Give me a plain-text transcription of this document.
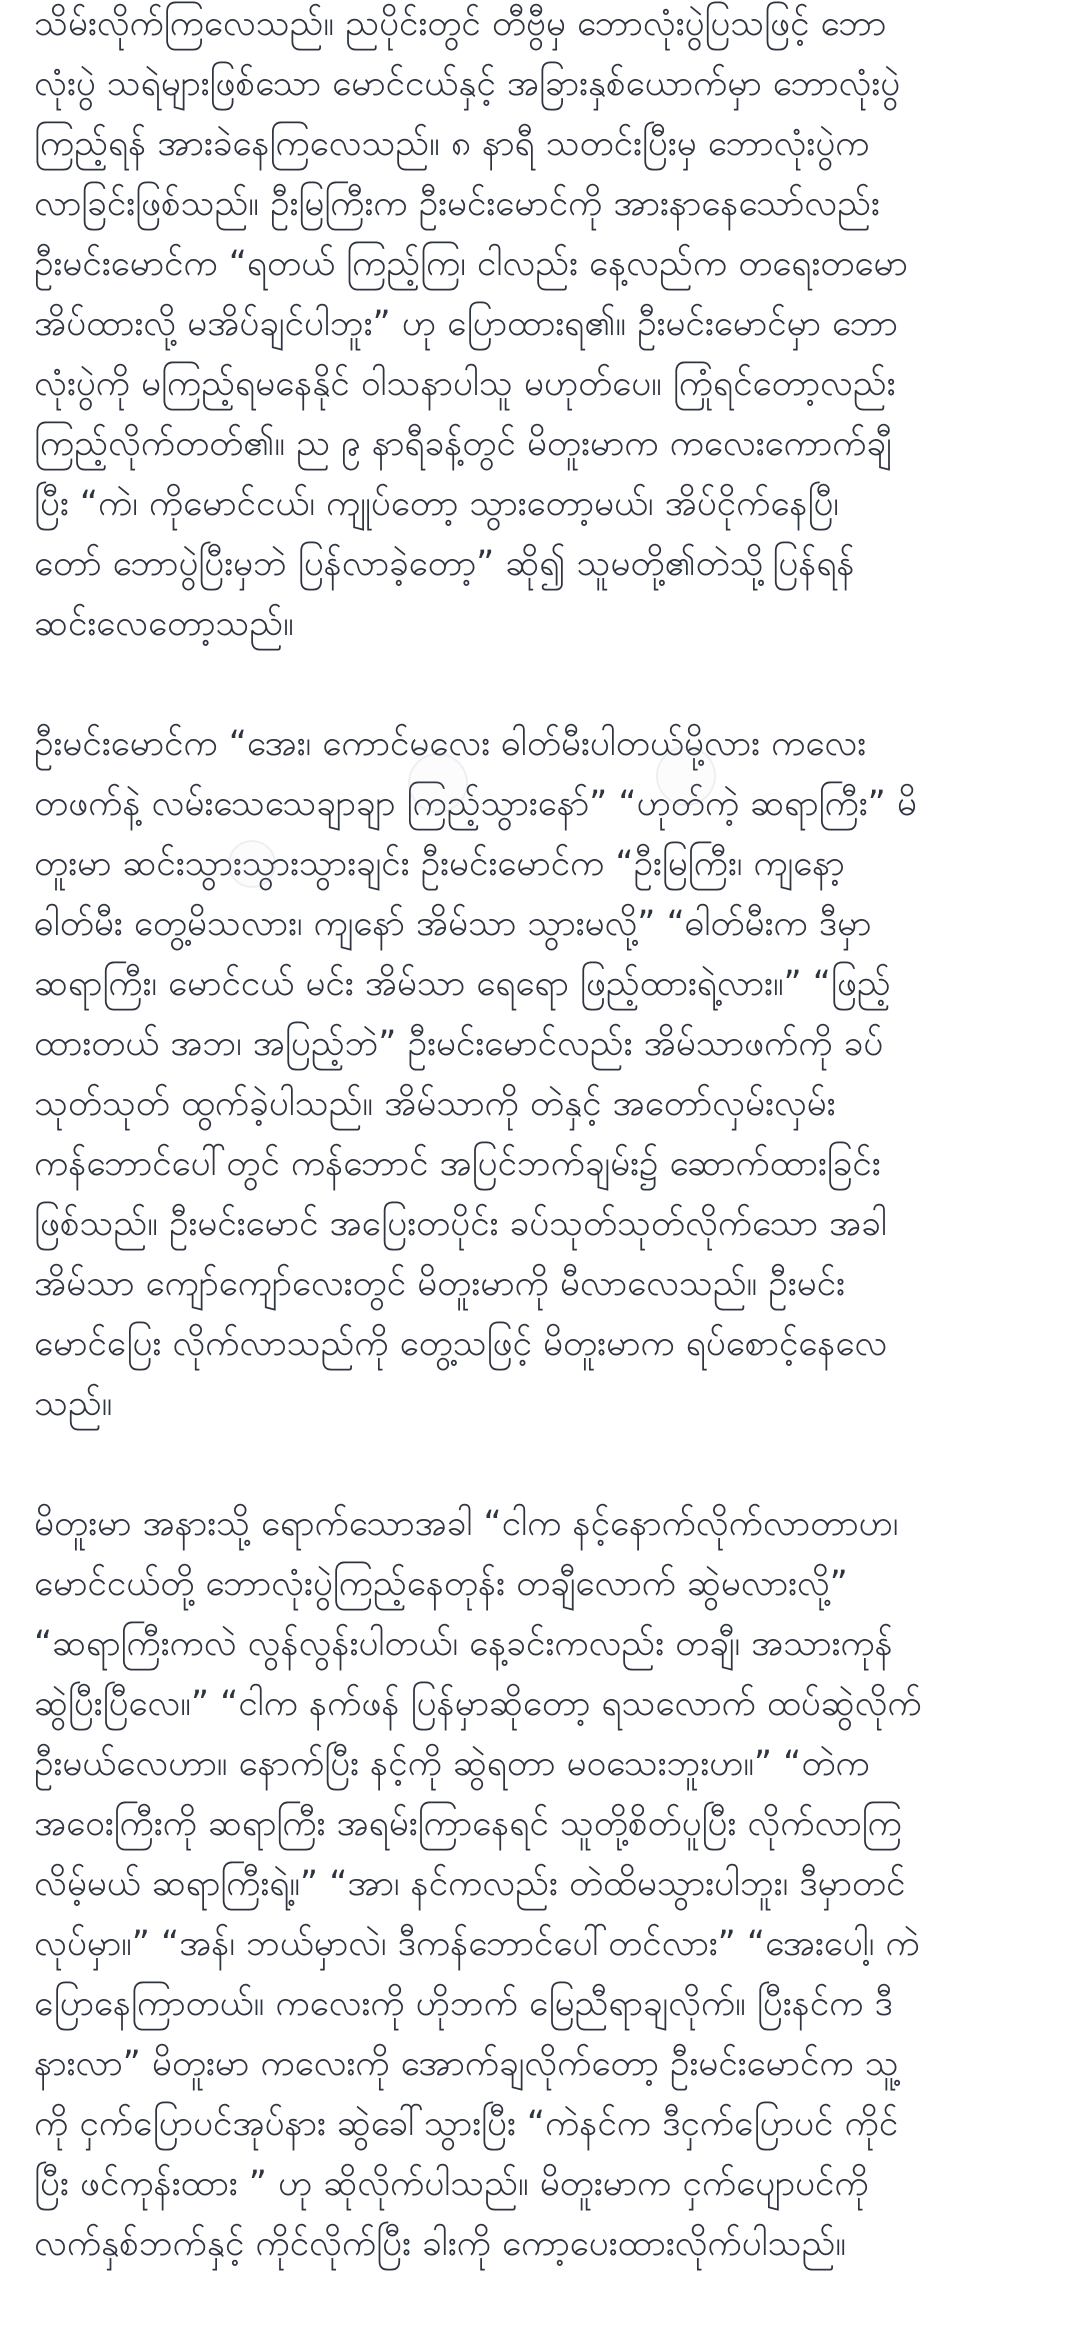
သိမ်းလိုက်ကြလေသည်။ ညပိုင်းတွင် တီဗွီမှ ဘောလုံးပွဲပြသဖြင့် ဘော
လုံးပွဲ သရဲများဖြစ်သော မောင်ငယ်နှင့် အခြားနှစ်ယောက်မှာ ဘောလုံးပွဲ
ကြည့်ရန် အားခဲနေကြလေသည်။ ၈ နာရီ သတင်းပြီးမှ ဘောလုံးပွဲက
လာခြင်းဖြစ်သည်။ ဦးမြကြီးက ဦးမင်းမောင်ကို အားနာနေသော်လည်း
ဦးမင်းမောင်က “ရတယ် ကြည့်ကြ၊ ငါလည်း နေ့လည်က တရေးတမော
အိပ်ထားလို့ မအိပ်ချင်ပါဘူး” ဟု ပြောထားရ၏။ ဦးမင်းမောင်မှာ ဘော
လုံးပွဲကို မကြည့်ရမနေနိုင် ဝါသနာပါသူ မဟုတ်ပေ။ ကြုံရင်တော့လည်း
ကြည့်လိုက်တတ်၏။ ည ၉ နာရီခန့်တွင် မိတူးမာက ကလေးကောက်ချီ
ပြီး “ကဲ၊ ကိုမောင်ငယ်၊ ကျုပ်တော့ သွားတော့မယ်၊ အိပ်ငိုက်နေပြီ၊
တော် ဘောပွဲပြီးမှဘဲ ပြန်လာခဲ့တော့” ဆို၍ သူမတို့၏တဲသို့ပြန်ရန်
ဆင်းလေတော့သည်။

ဦးမင်းမောင်က “အေး၊ ကောင်မလေး ဓါတ်မီးပါတယ်မို့လား ကလေး
တဖက်နဲ့ လမ်းသေသေချာချာ ကြည့်သွားနော်” “ဟုတ်ကဲ့ ဆရာကြီး” မိ
တူးမာ ဆင်းသွားသွားသွားချင်း ဦးမင်းမောင်က “ဦးမြကြီး၊ ကျနော့
ဓါတ်မီး တွေ့မိသလား၊ ကျနော် အိမ်သာ သွားမလို့” “ဓါတ်မီးက ဒီမှာ
ဆရာကြီး၊ မောင်ငယ် မင်း အိမ်သာ ရေရော ဖြည့်ထားရဲ့လား။” “ဖြည့်
ထားတယ် အဘ၊ အပြည့်ဘဲ” ဦးမင်းမောင်လည်း အိမ်သာဖက်ကို ခပ်
သုတ်သုတ် ထွက်ခဲ့ပါသည်။ အိမ်သာကို တဲနှင့် အတော်လှမ်းလှမ်း
ကန်ဘောင်ပေါ်တွင် ကန်ဘောင် အပြင်ဘက်ချမ်း၌ ဆောက်ထားခြင်း
ဖြစ်သည်။ ဦးမင်းမောင် အပြေးတပိုင်း ခပ်သုတ်သုတ်လိုက်သော အခါ
အိမ်သာ ကျော်ကျော်လေးတွင် မိတူးမာကို မီလာလေသည်။ ဦးမင်း
မောင်ပြေး လိုက်လာသည်ကို တွေ့သဖြင့် မိတူးမာက ရပ်စောင့်နေလေ
သည်။

မိတူးမာ အနားသို့ ရောက်သောအခါ “ငါက နင့်နောက်လိုက်လာတာဟ၊
မောင်ငယ်တို့ ဘောလုံးပွဲကြည့်နေတုန်း တချီလောက် ဆွဲမလားလို့”
“ဆရာကြီးကလဲ လွန်လွန်းပါတယ်၊ နေ့ခင်းကလည်း တချီ၊ အသားကုန်
ဆွဲပြီးပြီလေ။” “ငါက နက်ဖန် ပြန်မှာဆိုတော့ ရသလောက် ထပ်ဆွဲလိုက်
ဦးမယ်လေဟာ။ နောက်ပြီး နင့်ကို ဆွဲရတာ မဝသေးဘူးဟ။” “တဲက
အဝေးကြီးကို ဆရာကြီး အရမ်းကြာနေရင် သူတို့စိတ်ပူပြီး လိုက်လာကြ
လိမ့်မယ် ဆရာကြီးရဲ့။” “အာ၊ နင်ကလည်း တဲထိမသွားပါဘူး၊ ဒီမှာတင်
လုပ်မှာ။” “အန်၊ ဘယ်မှာလဲ၊ ဒီကန်ဘောင်ပေါ်တင်လား” “အေးပေါ့၊ ကဲ
ပြောနေကြာတယ်။ ကလေးကို ဟိုဘက် မြေညီရာချလိုက်။ ပြီးနင်က ဒီ
နားလာ” မိတူးမာ ကလေးကို အောက်ချလိုက်တော့ ဦးမင်းမောင်က သူ့
ကို ငှက်ပြောပင်အုပ်နား ဆွဲခေါ်သွားပြီး “ကဲနင်က ဒီငှက်ပြောပင် ကိုင်
ပြီး ဖင်ကုန်းထား ” ဟု ဆိုလိုက်ပါသည်။ မိတူးမာက ငှက်ပျောပင်ကို
လက်နှစ်ဘက်နှင့် ကိုင်လိုက်ပြီး ခါးကို ကော့ပေးထားလိုက်ပါသည်။
